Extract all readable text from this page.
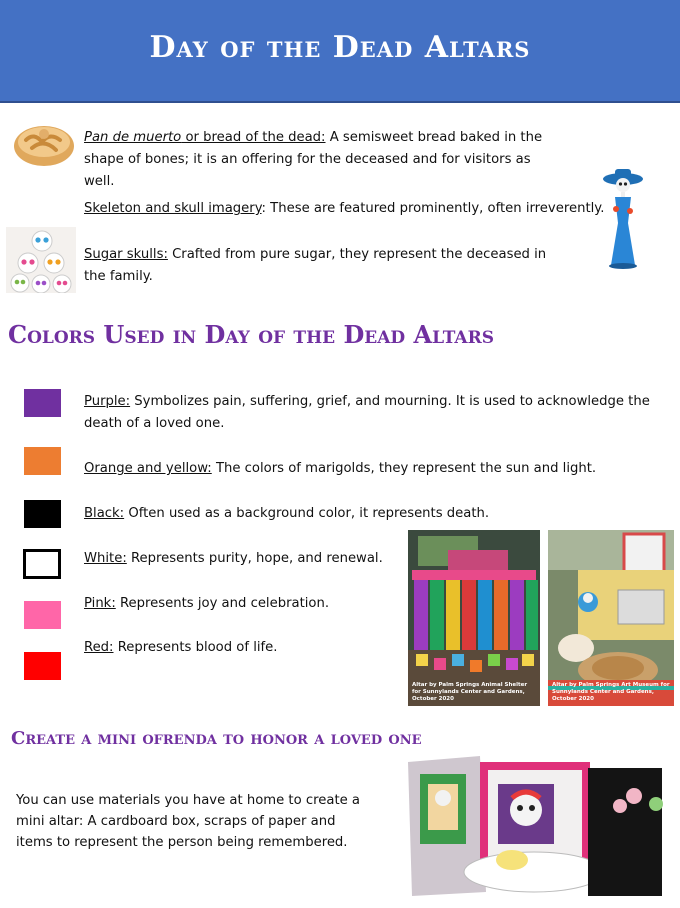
Day of the Dead Altars
Pan de muerto or bread of the dead: A semisweet bread baked in the shape of bones; it is an offering for the deceased and for visitors as well.
Skeleton and skull imagery: These are featured prominently, often irreverently.
Sugar skulls: Crafted from pure sugar, they represent the deceased in the family.
Colors Used in Day of the Dead Altars
Purple: Symbolizes pain, suffering, grief, and mourning. It is used to acknowledge the death of a loved one.
Orange and yellow: The colors of marigolds, they represent the sun and light.
Black: Often used as a background color, it represents death.
White: Represents purity, hope, and renewal.
Pink: Represents joy and celebration.
Red: Represents blood of life.
Altar by Palm Springs Animal Shelter for Sunnylands Center and Gardens, October 2020
Altar by Palm Springs Art Museum for Sunnylands Center and Gardens, October 2020
Create a mini ofrenda to honor a loved one
You can use materials you have at home to create a mini altar: A cardboard box, scraps of paper and items to represent the person being remembered.
